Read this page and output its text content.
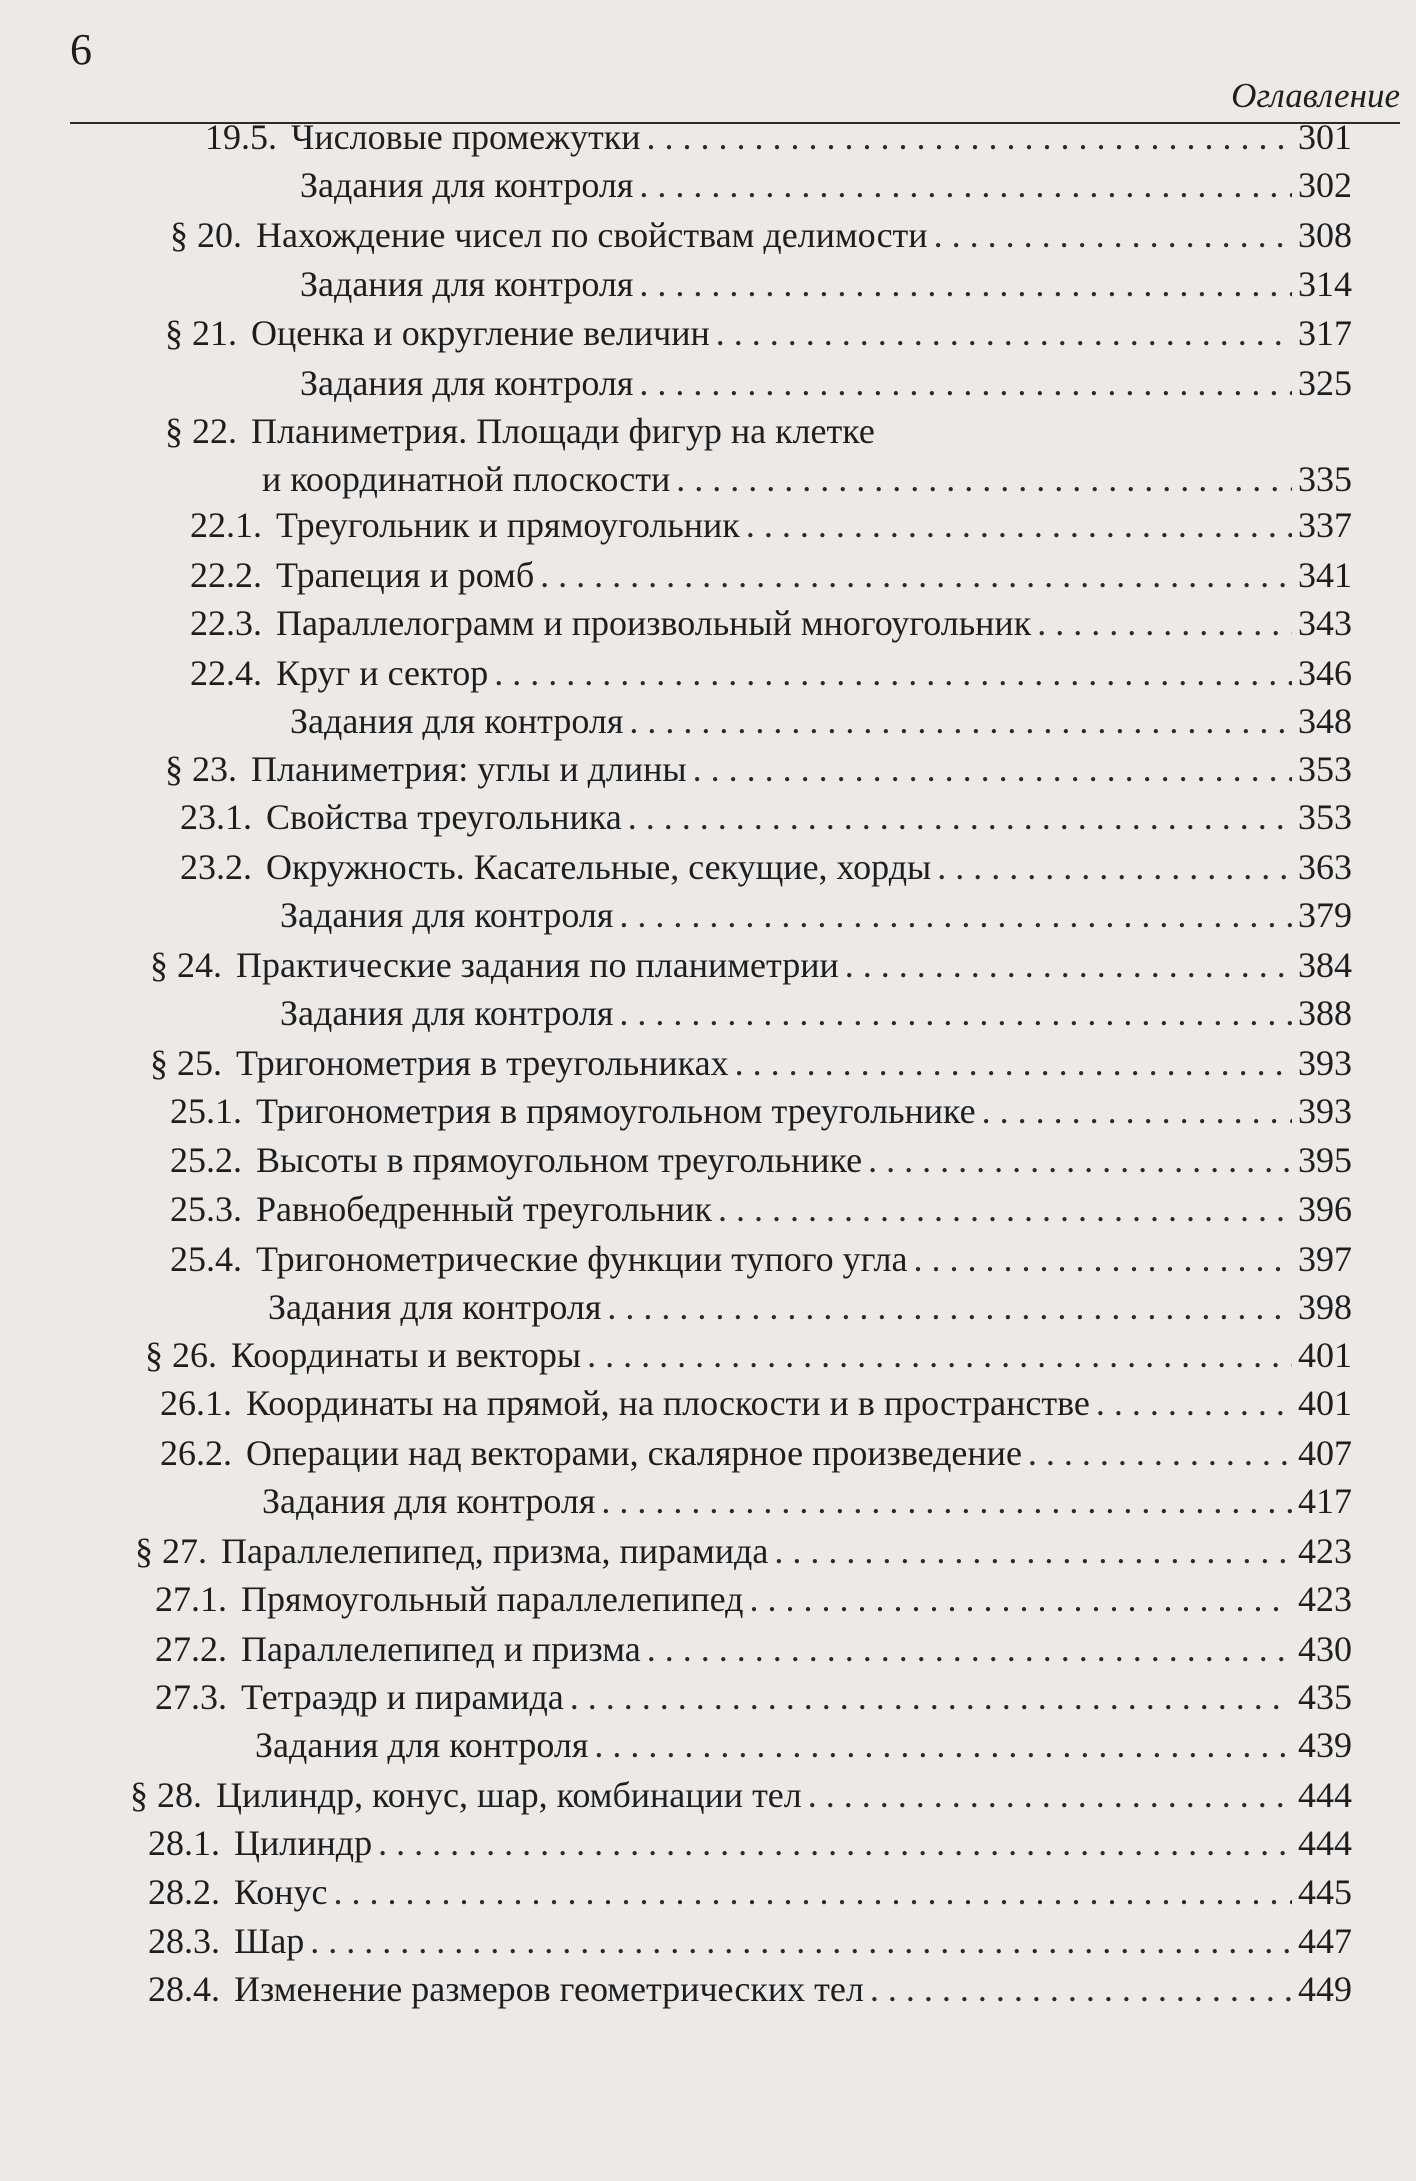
6
Оглавление
19.5. Числовые промежутки . . .	301
Задания для контроля . . .	302
§ 20. Нахождение чисел по свойствам делимости . . .	308
Задания для контроля . . .	314
§ 21. Оценка и округление величин . . .	317
Задания для контроля . . .	325
§ 22. Планиметрия. Площади фигур на клетке
и координатной плоскости . . .	335
22.1. Треугольник и прямоугольник . . .	337
22.2. Трапеция и ромб . . .	341
22.3. Параллелограмм и произвольный многоугольник . . .	343
22.4. Круг и сектор . . .	346
Задания для контроля . . .	348
§ 23. Планиметрия: углы и длины . . .	353
23.1. Свойства треугольника . . .	353
23.2. Окружность. Касательные, секущие, хорды . . .	363
Задания для контроля . . .	379
§ 24. Практические задания по планиметрии . . .	384
Задания для контроля . . .	388
§ 25. Тригонометрия в треугольниках . . .	393
25.1. Тригонометрия в прямоугольном треугольнике . . .	393
25.2. Высоты в прямоугольном треугольнике . . .	395
25.3. Равнобедренный треугольник . . .	396
25.4. Тригонометрические функции тупого угла . . .	397
Задания для контроля . . .	398
§ 26. Координаты и векторы . . .	401
26.1. Координаты на прямой, на плоскости и в пространстве . . .	401
26.2. Операции над векторами, скалярное произведение . . .	407
Задания для контроля . . .	417
§ 27. Параллелепипед, призма, пирамида . . .	423
27.1. Прямоугольный параллелепипед . . .	423
27.2. Параллелепипед и призма . . .	430
27.3. Тетраэдр и пирамида . . .	435
Задания для контроля . . .	439
§ 28. Цилиндр, конус, шар, комбинации тел . . .	444
28.1. Цилиндр . . .	444
28.2. Конус . . .	445
28.3. Шар . . .	447
28.4. Изменение размеров геометрических тел . . .	449
